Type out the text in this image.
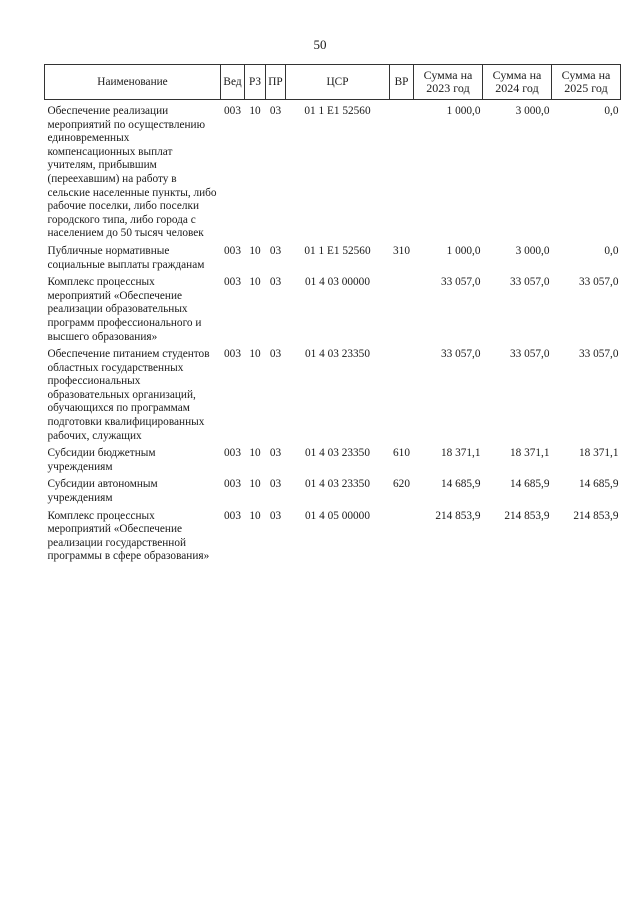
50
Наименование	Вед	РЗ	ПР	ЦСР	ВР	Сумма на 2023 год	Сумма на 2024 год	Сумма на 2025 год

Обеспечение реализации мероприятий по осуществлению единовременных компенсационных выплат учителям, прибывшим (переехавшим) на работу в сельские населенные пункты, либо рабочие поселки, либо поселки городского типа, либо города с населением до 50 тысяч человек	003	10	03	01 1 E1 52560		1 000,0	3 000,0	0,0
Публичные нормативные социальные выплаты гражданам	003	10	03	01 1 E1 52560	310	1 000,0	3 000,0	0,0
Комплекс процессных мероприятий «Обеспечение реализации образовательных программ профессионального и высшего образования»	003	10	03	01 4 03 00000		33 057,0	33 057,0	33 057,0
Обеспечение питанием студентов областных государственных профессиональных образовательных организаций, обучающихся по программам подготовки квалифицированных рабочих, служащих	003	10	03	01 4 03 23350		33 057,0	33 057,0	33 057,0
Субсидии бюджетным учреждениям	003	10	03	01 4 03 23350	610	18 371,1	18 371,1	18 371,1
Субсидии автономным учреждениям	003	10	03	01 4 03 23350	620	14 685,9	14 685,9	14 685,9
Комплекс процессных мероприятий «Обеспечение реализации государственной программы в сфере образования»	003	10	03	01 4 05 00000		214 853,9	214 853,9	214 853,9
